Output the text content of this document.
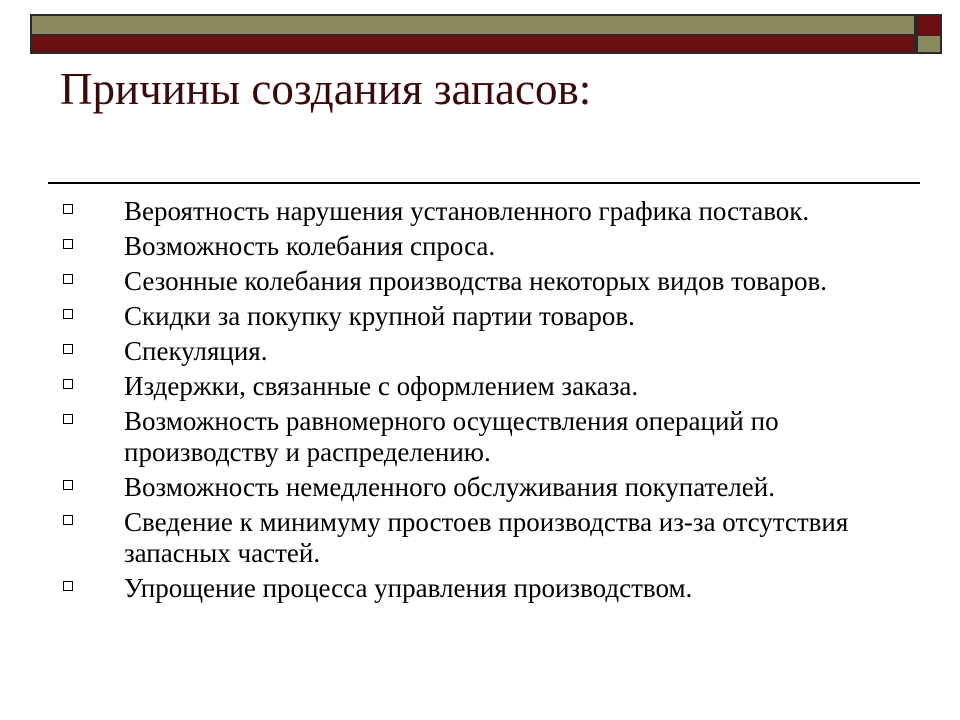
Причины создания запасов:
Вероятность нарушения установленного графика поставок.
Возможность колебания спроса.
Сезонные колебания производства некоторых видов товаров.
Скидки за покупку крупной партии товаров.
Спекуляция.
Издержки, связанные с оформлением заказа.
Возможность равномерного осуществления операций по производству и распределению.
Возможность немедленного обслуживания покупателей.
Сведение к минимуму простоев производства из-за отсутствия запасных частей.
Упрощение процесса управления производством.
